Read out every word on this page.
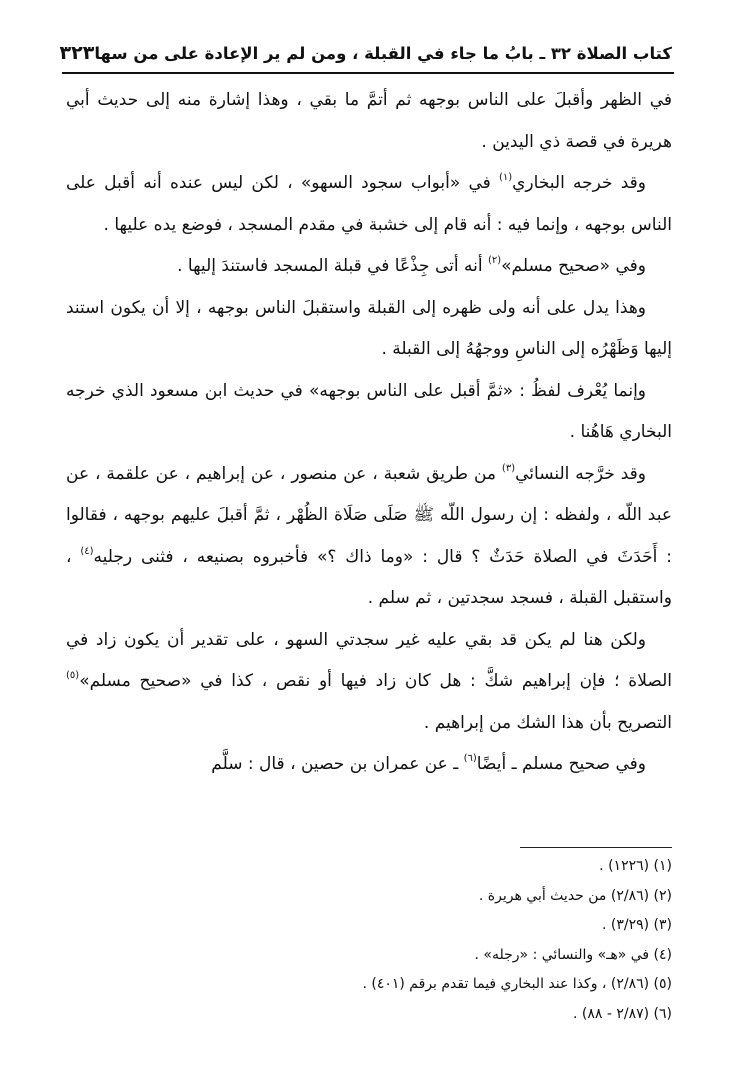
كتاب الصلاة ٣٢ ـ بابُ ما جاء في القبلة ، ومن لم ير الإعادة على من سها
٣٢٣

في الظهر وأقبلَ على الناس بوجهه ثم أتمَّ ما بقي ، وهذا إشارة منه إلى حديث أبي هريرة في قصة ذي اليدين .

وقد خرجه البخاري$^{(١)}$ في «أبواب سجود السهو» ، لكن ليس عنده أنه أقبل على الناس بوجهه ، وإنما فيه : أنه قام إلى خشبة في مقدم المسجد ، فوضع يده عليها .

وفي «صحيح مسلم»$^{(٢)}$ أنه أتى جِذْعًا في قبلة المسجد فاستندَ إليها .

وهذا يدل على أنه ولى ظهره إلى القبلة واستقبلَ الناس بوجهه ، إلا أن يكون استند إليها وَظَهْرُه إلى الناسِ ووجهُهُ إلى القبلة .

وإنما يُعْرف لفظُ : «ثمَّ أقبل على الناس بوجهه» في حديث ابن مسعود الذي خرجه البخاري هَاهُنا .

وقد خرَّجه النسائي$^{(٣)}$ من طريق شعبة ، عن منصور ، عن إبراهيم ، عن علقمة ، عن عبد اللّه ، ولفظه : إن رسول اللّه ﷺ صَلَى صَلَاة الظُهْر ، ثمَّ أقبلَ عليهم بوجهه ، فقالوا : أَحَدَثَ في الصلاة حَدَثٌ ؟ قال : «وما ذاك ؟» فأخبروه بصنيعه ، فثنى رجليه$^{(٤)}$ ، واستقبل القبلة ، فسجد سجدتين ، ثم سلم .

ولكن هنا لم يكن قد بقي عليه غير سجدتي السهو ، على تقدير أن يكون زاد في الصلاة ؛ فإن إبراهيم شكَّ : هل كان زاد فيها أو نقص ، كذا في «صحيح مسلم»$^{(٥)}$ التصريح بأن هذا الشك من إبراهيم .

وفي صحيح مسلم ـ أيضًا$^{(٦)}$ ـ عن عمران بن حصين ، قال : سلَّم

(١) (١٢٢٦) .
(٢) (٢/٨٦) من حديث أبي هريرة .
(٣) (٣/٢٩) .
(٤) في «هـ» والنسائي : «رجله» .
(٥) (٢/٨٦) ، وكذا عند البخاري فيما تقدم برقم (٤٠١) .
(٦) (٢/٨٧ - ٨٨) .
